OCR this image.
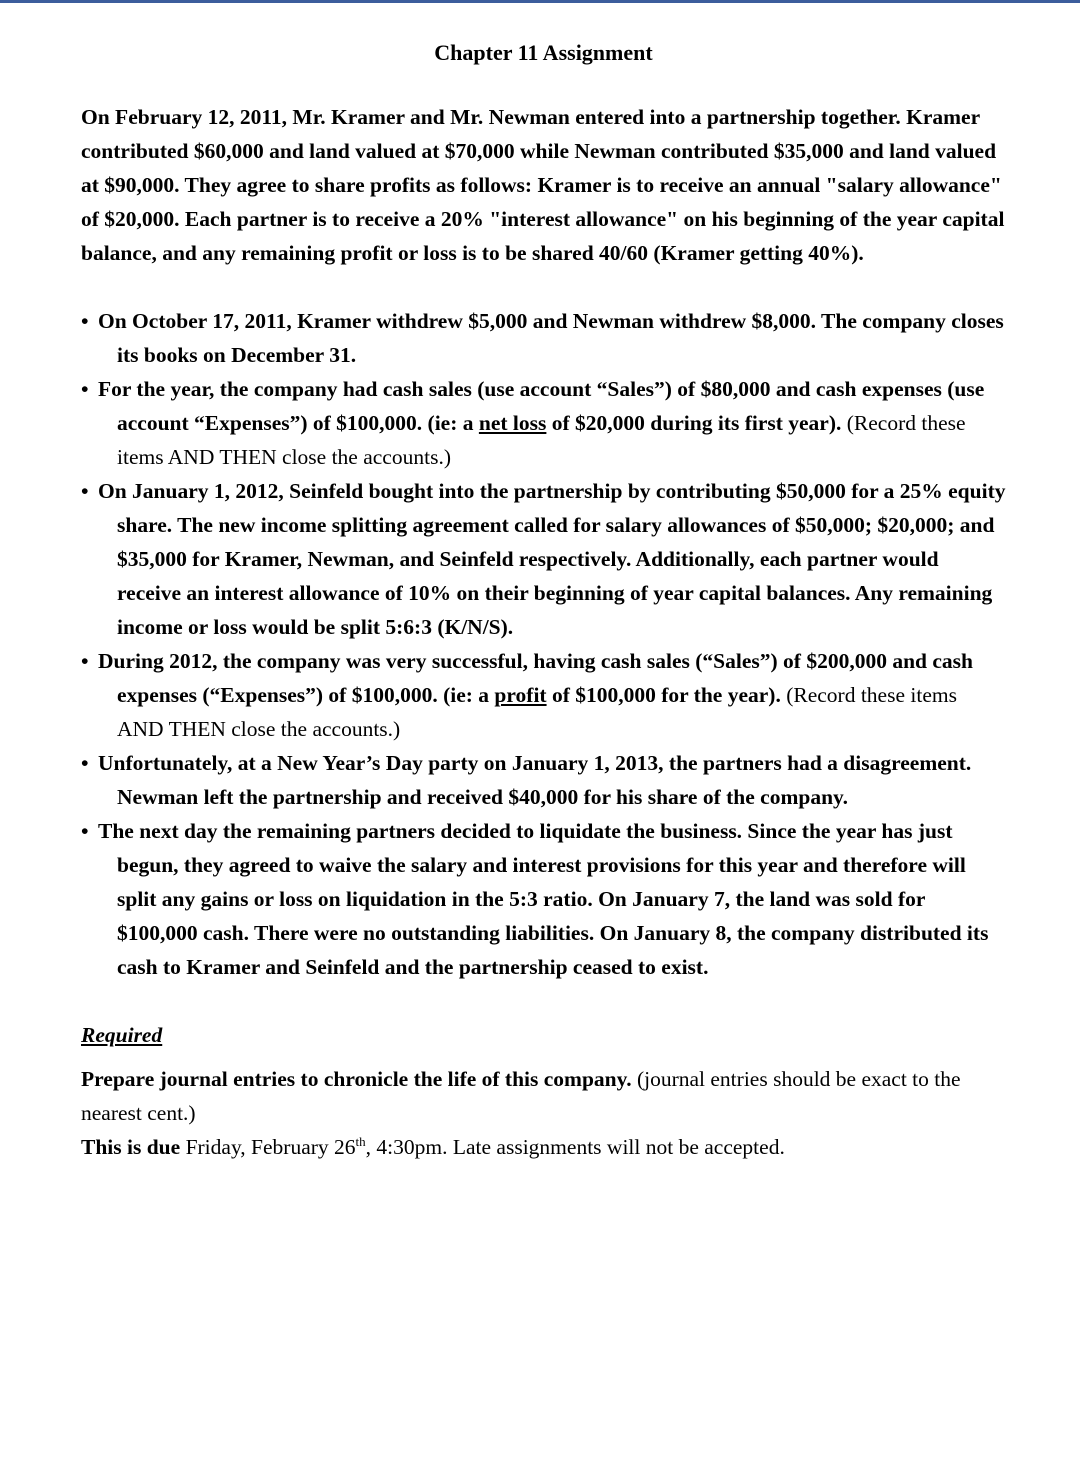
Chapter 11 Assignment

On February 12, 2011, Mr. Kramer and Mr. Newman entered into a partnership together. Kramer contributed $60,000 and land valued at $70,000 while Newman contributed $35,000 and land valued at $90,000. They agree to share profits as follows: Kramer is to receive an annual "salary allowance" of $20,000. Each partner is to receive a 20% "interest allowance" on his beginning of the year capital balance, and any remaining profit or loss is to be shared 40/60 (Kramer getting 40%).

• On October 17, 2011, Kramer withdrew $5,000 and Newman withdrew $8,000. The company closes its books on December 31.
• For the year, the company had cash sales (use account “Sales”) of $80,000 and cash expenses (use account “Expenses”) of $100,000. (ie: a net loss of $20,000 during its first year). (Record these items AND THEN close the accounts.)
• On January 1, 2012, Seinfeld bought into the partnership by contributing $50,000 for a 25% equity share. The new income splitting agreement called for salary allowances of $50,000; $20,000; and $35,000 for Kramer, Newman, and Seinfeld respectively. Additionally, each partner would receive an interest allowance of 10% on their beginning of year capital balances. Any remaining income or loss would be split 5:6:3 (K/N/S).
• During 2012, the company was very successful, having cash sales (“Sales”) of $200,000 and cash expenses (“Expenses”) of $100,000. (ie: a profit of $100,000 for the year). (Record these items AND THEN close the accounts.)
• Unfortunately, at a New Year’s Day party on January 1, 2013, the partners had a disagreement. Newman left the partnership and received $40,000 for his share of the company.
• The next day the remaining partners decided to liquidate the business. Since the year has just begun, they agreed to waive the salary and interest provisions for this year and therefore will split any gains or loss on liquidation in the 5:3 ratio. On January 7, the land was sold for $100,000 cash. There were no outstanding liabilities. On January 8, the company distributed its cash to Kramer and Seinfeld and the partnership ceased to exist.
Required

Prepare journal entries to chronicle the life of this company. (journal entries should be exact to the nearest cent.)

This is due Friday, February 26th, 4:30pm. Late assignments will not be accepted.
